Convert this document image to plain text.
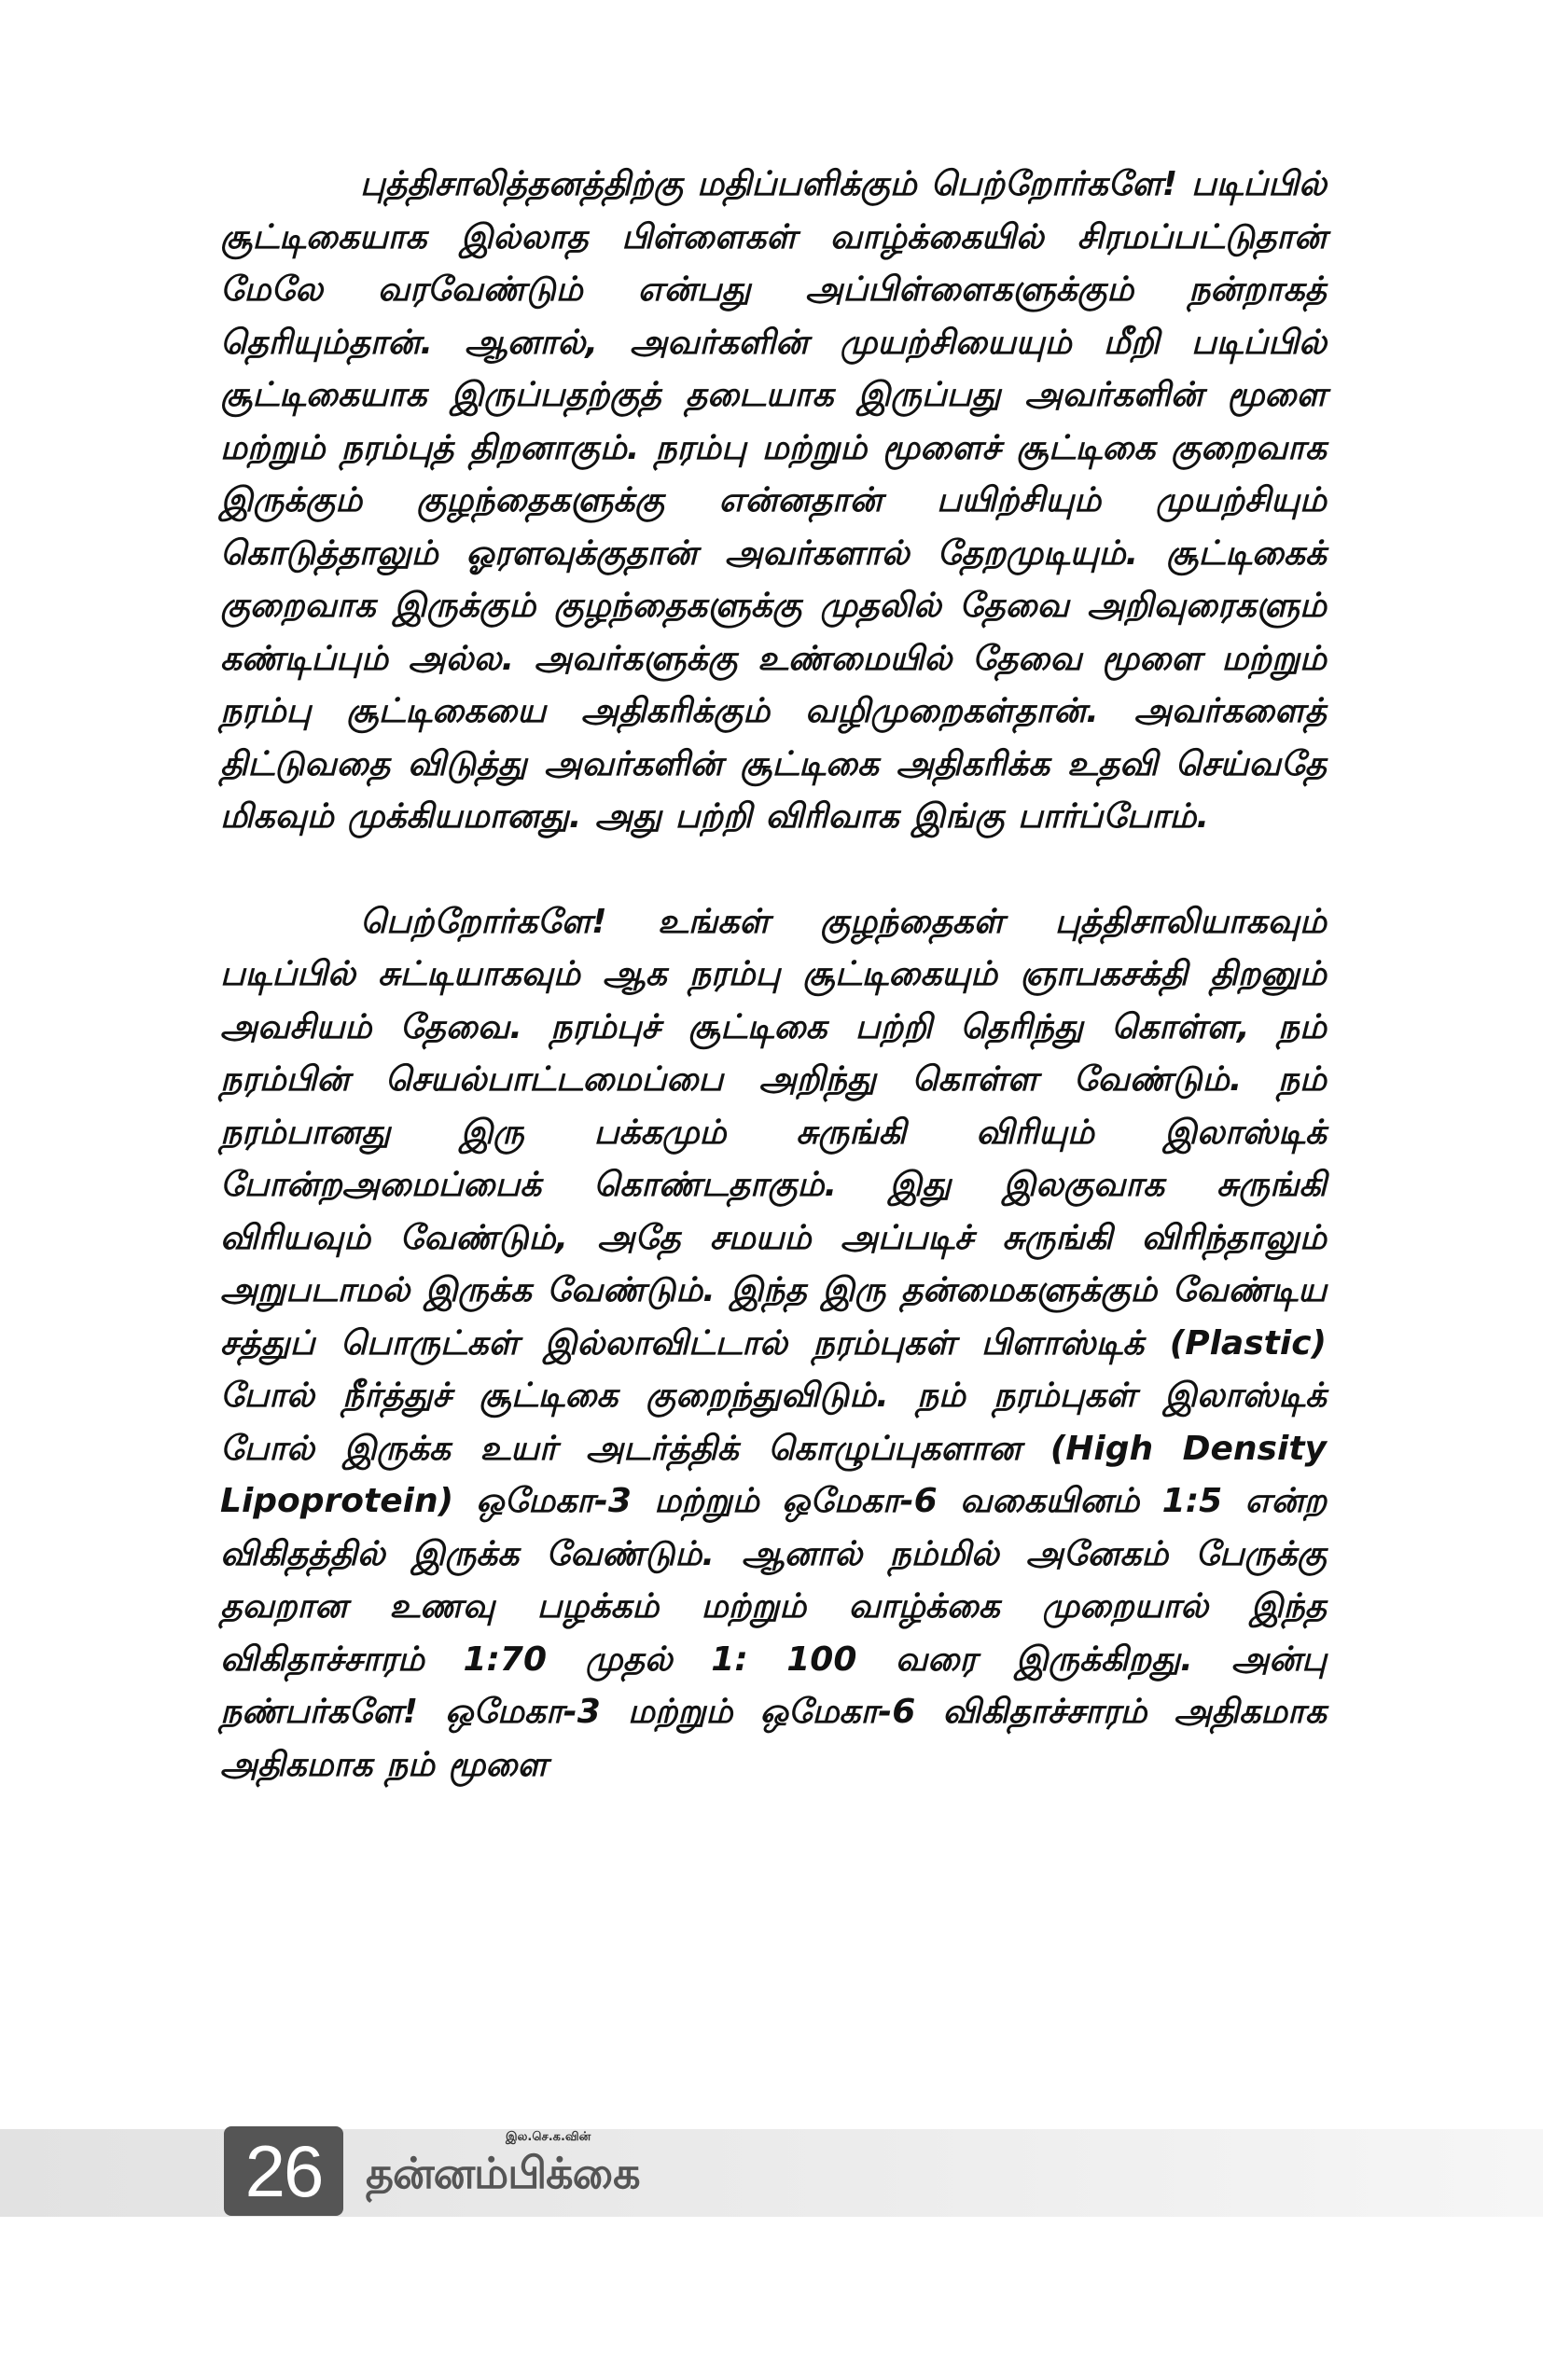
புத்திசாலித்தனத்திற்கு மதிப்பளிக்கும் பெற்றோர்களே! படிப்பில் சூட்டிகையாக இல்லாத பிள்ளைகள் வாழ்க்கையில் சிரமப்பட்டுதான் மேலே வரவேண்டும் என்பது அப்பிள்ளைகளுக்கும் நன்றாகத் தெரியும்தான். ஆனால், அவர்களின் முயற்சியையும் மீறி படிப்பில் சூட்டிகையாக இருப்பதற்குத் தடையாக இருப்பது அவர்களின் மூளை மற்றும் நரம்புத் திறனாகும். நரம்பு மற்றும் மூளைச் சூட்டிகை குறைவாக இருக்கும் குழந்தைகளுக்கு என்னதான் பயிற்சியும் முயற்சியும் கொடுத்தாலும் ஓரளவுக்குதான் அவர்களால் தேறமுடியும். சூட்டிகைக் குறைவாக இருக்கும் குழந்தைகளுக்கு முதலில் தேவை அறிவுரைகளும் கண்டிப்பும் அல்ல. அவர்களுக்கு உண்மையில் தேவை மூளை மற்றும் நரம்பு சூட்டிகையை அதிகரிக்கும் வழிமுறைகள்தான். அவர்களைத் திட்டுவதை விடுத்து அவர்களின் சூட்டிகை அதிகரிக்க உதவி செய்வதே மிகவும் முக்கியமானது. அது பற்றி விரிவாக இங்கு பார்ப்போம்.

பெற்றோர்களே! உங்கள் குழந்தைகள் புத்திசாலியாகவும் படிப்பில் சுட்டியாகவும் ஆக நரம்பு சூட்டிகையும் ஞாபகசக்தி திறனும் அவசியம் தேவை. நரம்புச் சூட்டிகை பற்றி தெரிந்து கொள்ள, நம் நரம்பின் செயல்பாட்டமைப்பை அறிந்து கொள்ள வேண்டும். நம் நரம்பானது இரு பக்கமும் சுருங்கி விரியும் இலாஸ்டிக் போன்றஅமைப்பைக் கொண்டதாகும். இது இலகுவாக சுருங்கி விரியவும் வேண்டும், அதே சமயம் அப்படிச் சுருங்கி விரிந்தாலும் அறுபடாமல் இருக்க வேண்டும். இந்த இரு தன்மைகளுக்கும் வேண்டிய சத்துப் பொருட்கள் இல்லாவிட்டால் நரம்புகள் பிளாஸ்டிக் (Plastic) போல் நீர்த்துச் சூட்டிகை குறைந்துவிடும். நம் நரம்புகள் இலாஸ்டிக் போல் இருக்க உயர் அடர்த்திக் கொழுப்புகளான (High Density Lipoprotein) ஒமேகா-3 மற்றும் ஒமேகா-6 வகையினம் 1:5 என்ற விகிதத்தில் இருக்க வேண்டும். ஆனால் நம்மில் அனேகம் பேருக்கு தவறான உணவு பழக்கம் மற்றும் வாழ்க்கை முறையால் இந்த விகிதாச்சாரம் 1:70 முதல் 1: 100 வரை இருக்கிறது. அன்பு நண்பர்களே! ஒமேகா-3 மற்றும் ஒமேகா-6 விகிதாச்சாரம் அதிகமாக அதிகமாக நம் மூளை

26	இல.செ.க.வின்
தன்னம்பிக்கை
